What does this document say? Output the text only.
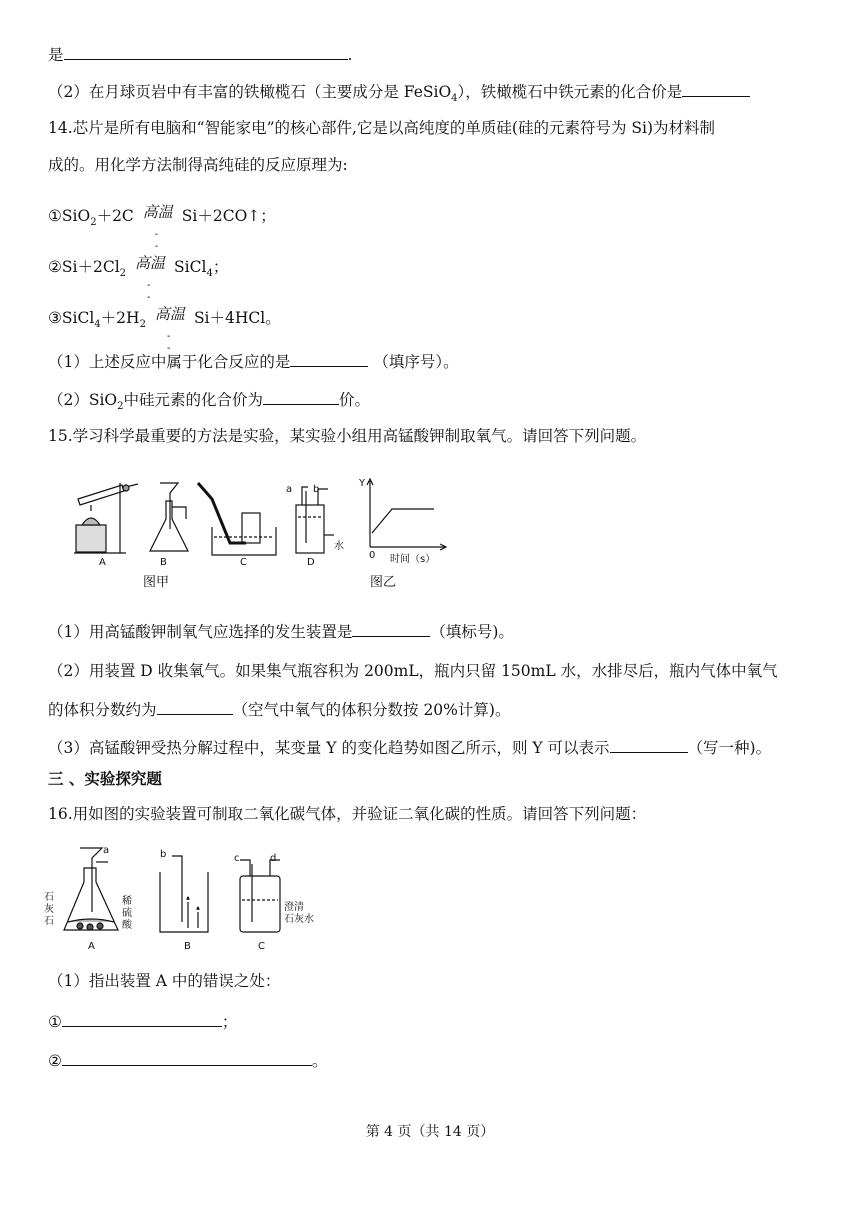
是	.
（2）在月球页岩中有丰富的铁橄榄石（主要成分是 FeSiO$_4$），铁橄榄石中铁元素的化合价是
14.芯片是所有电脑和“智能家电”的核心部件,它是以高纯度的单质硅(硅的元素符号为 Si)为材料制
成的。用化学方法制得高纯硅的反应原理为:
①SiO$_2$＋2C 高温
-
-
Si＋2CO↑；
$②Si+2Cl_2$
高温
-
-
SiCl$_4$；
$③SiCl_4+2H_2$
高温
-
-
Si＋4HCl。
（1）上述反应中属于化合反应的是	（填序号）。
（2）SiO$_2$中硅元素的化合价为	价。
15.学习科学最重要的方法是实验，某实验小组用高锰酸钾制取氧气。请回答下列问题。
A	B	C	D
a b
水
Y
0 时间（s）
图甲	图乙
（1）用高锰酸钾制氧气应选择的发生装置是	（填标号)。
（2）用装置 D 收集氧气。如果集气瓶容积为 200mL，瓶内只留 150mL 水，水排尽后，瓶内气体中氧气
的体积分数约为	（空气中氧气的体积分数按 20%计算)。
（3）高锰酸钾受热分解过程中，某变量 Y 的变化趋势如图乙所示，则 Y 可以表示	（写一种)。
三 、实验探究题
16.用如图的实验装置可制取二氧化碳气体，并验证二氧化碳的性质。请回答下列问题：
a	b	c	d
石
灰
石
稀
硫
酸
澄清
石灰水
A	B	C
（1）指出装置 A 中的错误之处：
①	；
②	。
第 4 页（共 14 页）
